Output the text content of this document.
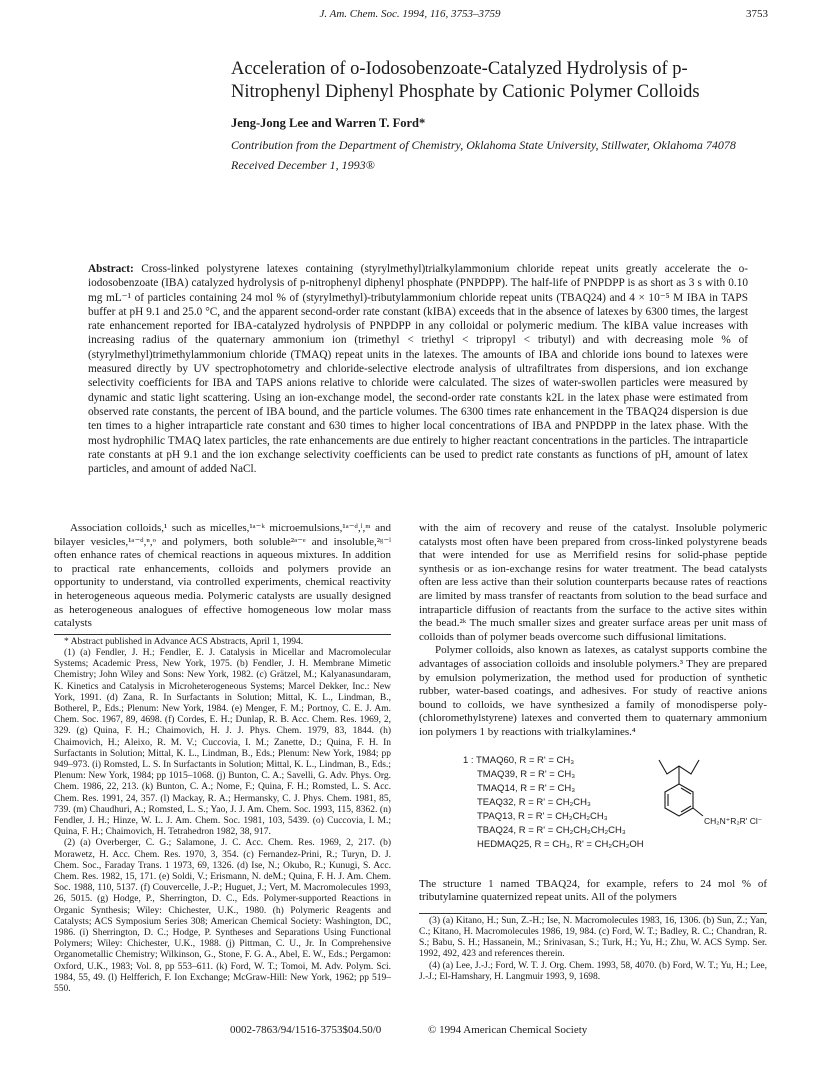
J. Am. Chem. Soc. 1994, 116, 3753–3759	3753
Acceleration of o-Iodosobenzoate-Catalyzed Hydrolysis of p-Nitrophenyl Diphenyl Phosphate by Cationic Polymer Colloids
Jeng-Jong Lee and Warren T. Ford*
Contribution from the Department of Chemistry, Oklahoma State University, Stillwater, Oklahoma 74078
Received December 1, 1993®
Abstract: Cross-linked polystyrene latexes containing (styrylmethyl)trialkylammonium chloride repeat units greatly accelerate the o-iodosobenzoate (IBA) catalyzed hydrolysis of p-nitrophenyl diphenyl phosphate (PNPDPP). The half-life of PNPDPP is as short as 3 s with 0.10 mg mL⁻¹ of particles containing 24 mol % of (styrylmethyl)-tributylammonium chloride repeat units (TBAQ24) and 4 × 10⁻⁵ M IBA in TAPS buffer at pH 9.1 and 25.0 °C, and the apparent second-order rate constant (kIBA) exceeds that in the absence of latexes by 6300 times, the largest rate enhancement reported for IBA-catalyzed hydrolysis of PNPDPP in any colloidal or polymeric medium. The kIBA value increases with increasing radius of the quaternary ammonium ion (trimethyl < triethyl < tripropyl < tributyl) and with decreasing mole % of (styrylmethyl)trimethylammonium chloride (TMAQ) repeat units in the latexes. The amounts of IBA and chloride ions bound to latexes were measured directly by UV spectrophotometry and chloride-selective electrode analysis of ultrafiltrates from dispersions, and ion exchange selectivity coefficients for IBA and TAPS anions relative to chloride were calculated. The sizes of water-swollen particles were measured by dynamic and static light scattering. Using an ion-exchange model, the second-order rate constants k2L in the latex phase were estimated from observed rate constants, the percent of IBA bound, and the particle volumes. The 6300 times rate enhancement in the TBAQ24 dispersion is due ten times to a higher intraparticle rate constant and 630 times to higher local concentrations of IBA and PNPDPP in the latex phase. With the most hydrophilic TMAQ latex particles, the rate enhancements are due entirely to higher reactant concentrations in the particles. The intraparticle rate constants at pH 9.1 and the ion exchange selectivity coefficients can be used to predict rate constants as functions of pH, amount of latex particles, and amount of added NaCl.

Association colloids,¹ such as micelles,¹ᵃ⁻ᵏ microemulsions,¹ᵃ⁻ᵈ,ˡ,ᵐ and bilayer vesicles,¹ᵃ⁻ᵈ,ⁿ,ᵒ and polymers, both soluble²ᵃ⁻ᵉ and insoluble,²ᵍ⁻ˡ often enhance rates of chemical reactions in aqueous mixtures. In addition to practical rate enhancements, colloids and polymers provide an opportunity to understand, via controlled experiments, chemical reactivity in heterogeneous aqueous media. Polymeric catalysts are usually designed as heterogeneous analogues of effective homogeneous low molar mass catalysts

* Abstract published in Advance ACS Abstracts, April 1, 1994.
(1) (a) Fendler, J. H.; Fendler, E. J. Catalysis in Micellar and Macromolecular Systems; Academic Press, New York, 1975. (b) Fendler, J. H. Membrane Mimetic Chemistry; John Wiley and Sons: New York, 1982. (c) Grätzel, M.; Kalyanasundaram, K. Kinetics and Catalysis in Microheterogeneous Systems; Marcel Dekker, Inc.: New York, 1991. (d) Zana, R. In Surfactants in Solution; Mittal, K. L., Lindman, B., Botherel, P., Eds.; Plenum: New York, 1984. (e) Menger, F. M.; Portnoy, C. E. J. Am. Chem. Soc. 1967, 89, 4698. (f) Cordes, E. H.; Dunlap, R. B. Acc. Chem. Res. 1969, 2, 329. (g) Quina, F. H.; Chaimovich, H. J. J. Phys. Chem. 1979, 83, 1844. (h) Chaimovich, H.; Aleixo, R. M. V.; Cuccovia, I. M.; Zanette, D.; Quina, F. H. In Surfactants in Solution; Mittal, K. L., Lindman, B., Eds.; Plenum: New York, 1984; pp 949–973. (i) Romsted, L. S. In Surfactants in Solution; Mittal, K. L., Lindman, B., Eds.; Plenum: New York, 1984; pp 1015–1068. (j) Bunton, C. A.; Savelli, G. Adv. Phys. Org. Chem. 1986, 22, 213. (k) Bunton, C. A.; Nome, F.; Quina, F. H.; Romsted, L. S. Acc. Chem. Res. 1991, 24, 357. (l) Mackay, R. A.; Hermansky, C. J. Phys. Chem. 1981, 85, 739. (m) Chaudhuri, A.; Romsted, L. S.; Yao, J. J. Am. Chem. Soc. 1993, 115, 8362. (n) Fendler, J. H.; Hinze, W. L. J. Am. Chem. Soc. 1981, 103, 5439. (o) Cuccovia, I. M.; Quina, F. H.; Chaimovich, H. Tetrahedron 1982, 38, 917.
(2) (a) Overberger, C. G.; Salamone, J. C. Acc. Chem. Res. 1969, 2, 217. (b) Morawetz, H. Acc. Chem. Res. 1970, 3, 354. (c) Fernandez-Prini, R.; Turyn, D. J. Chem. Soc., Faraday Trans. 1 1973, 69, 1326. (d) Ise, N.; Okubo, R.; Kunugi, S. Acc. Chem. Res. 1982, 15, 171. (e) Soldi, V.; Erismann, N. deM.; Quina, F. H. J. Am. Chem. Soc. 1988, 110, 5137. (f) Couvercelle, J.-P.; Huguet, J.; Vert, M. Macromolecules 1993, 26, 5015. (g) Hodge, P., Sherrington, D. C., Eds. Polymer-supported Reactions in Organic Synthesis; Wiley: Chichester, U.K., 1980. (h) Polymeric Reagents and Catalysts; ACS Symposium Series 308; American Chemical Society: Washington, DC, 1986. (i) Sherrington, D. C.; Hodge, P. Syntheses and Separations Using Functional Polymers; Wiley: Chichester, U.K., 1988. (j) Pittman, C. U., Jr. In Comprehensive Organometallic Chemistry; Wilkinson, G., Stone, F. G. A., Abel, E. W., Eds.; Pergamon: Oxford, U.K., 1983; Vol. 8, pp 553–611. (k) Ford, W. T.; Tomoi, M. Adv. Polym. Sci. 1984, 55, 49. (l) Helfferich, F. Ion Exchange; McGraw-Hill: New York, 1962; pp 519–550.

with the aim of recovery and reuse of the catalyst. Insoluble polymeric catalysts most often have been prepared from cross-linked polystyrene beads that were intended for use as Merrifield resins for solid-phase peptide synthesis or as ion-exchange resins for water treatment. The bead catalysts often are less active than their solution counterparts because rates of reactions are limited by mass transfer of reactants from solution to the bead surface and intraparticle diffusion of reactants from the surface to the active sites within the bead.²ᵏ The much smaller sizes and greater surface areas per unit mass of colloids than of polymer beads overcome such diffusional limitations.

Polymer colloids, also known as latexes, as catalyst supports combine the advantages of association colloids and insoluble polymers.³ They are prepared by emulsion polymerization, the method used for production of synthetic rubber, water-based coatings, and adhesives. For study of reactive anions bound to colloids, we have synthesized a family of monodisperse poly-(chloromethylstyrene) latexes and converted them to quaternary ammonium ion polymers 1 by reactions with trialkylamines.⁴

1 : TMAQ60, R = R' = CH₃
TMAQ39, R = R' = CH₃
TMAQ14, R = R' = CH₃
TEAQ32, R = R' = CH₂CH₃
TPAQ13, R = R' = CH₂CH₂CH₃
TBAQ24, R = R' = CH₂CH₂CH₂CH₃
HEDMAQ25, R = CH₃, R' = CH₂CH₂OH
CH₂N⁺R₂R' Cl⁻

The structure 1 named TBAQ24, for example, refers to 24 mol % of tributylamine quaternized repeat units. All of the polymers

(3) (a) Kitano, H.; Sun, Z.-H.; Ise, N. Macromolecules 1983, 16, 1306. (b) Sun, Z.; Yan, C.; Kitano, H. Macromolecules 1986, 19, 984. (c) Ford, W. T.; Badley, R. C.; Chandran, R. S.; Babu, S. H.; Hassanein, M.; Srinivasan, S.; Turk, H.; Yu, H.; Zhu, W. ACS Symp. Ser. 1992, 492, 423 and references therein.
(4) (a) Lee, J.-J.; Ford, W. T. J. Org. Chem. 1993, 58, 4070. (b) Ford, W. T.; Yu, H.; Lee, J.-J.; El-Hamshary, H. Langmuir 1993, 9, 1698.
0002-7863/94/1516-3753$04.50/0	© 1994 American Chemical Society
